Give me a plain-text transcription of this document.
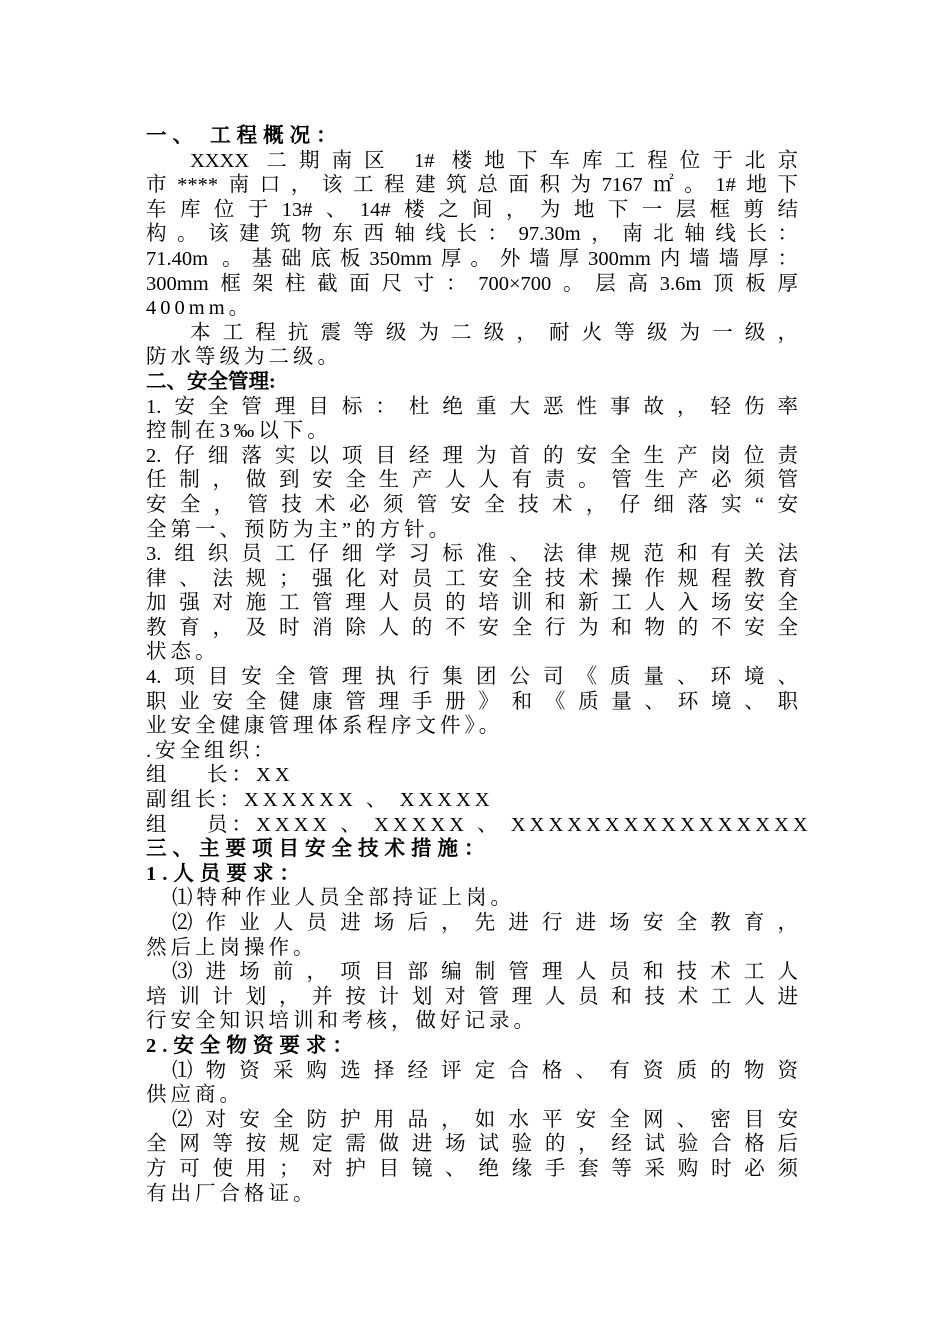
一、 工程概况：
XXXX 二期南区 1# 楼地下车库工程位于北京
市****南口，该工程建筑总面积为7167㎡。1#地下
车库位于13#、14#楼之间，为地下一层框剪结
构。该建筑物东西轴线长：97.30m，南北轴线长：
71.40m 。基础底板350mm厚。外墙厚300mm内墙墙厚：
300mm框架柱截面尺寸：700×700。层高3.6m顶板厚
400mm。
本工程抗震等级为二级，耐火等级为一级，
防水等级为二级。
二、安全管理:
1.安全管理目标：杜绝重大恶性事故，轻伤率
控制在3‰以下。
2.仔细落实以项目经理为首的安全生产岗位责
任制，做到安全生产人人有责。管生产必须管
安全，管技术必须管安全技术，仔细落实“安
全第一、预防为主”的方针。
3.组织员工仔细学习标准、法律规范和有关法
律、法规；强化对员工安全技术操作规程教育
加强对施工管理人员的培训和新工人入场安全
教育，及时消除人的不安全行为和物的不安全
状态。
4.项目安全管理执行集团公司《质量、环境、
职业安全健康管理手册》和《质量、环境、职
业安全健康管理体系程序文件》。
.安全组织：
组    长：XX
副组长：XXXXXX 、 XXXXX
组    员：XXXX 、 XXXXX 、 XXXXXXXXXXXXXXXX
三、主要项目安全技术措施：
1.人员要求：
⑴特种作业人员全部持证上岗。
⑵作业人员进场后，先进行进场安全教育，
然后上岗操作。
⑶进场前，项目部编制管理人员和技术工人
培训计划，并按计划对管理人员和技术工人进
行安全知识培训和考核，做好记录。
2.安全物资要求：
⑴物资采购选择经评定合格、有资质的物资
供应商。
⑵对安全防护用品，如水平安全网、密目安
全网等按规定需做进场试验的，经试验合格后
方可使用；对护目镜、绝缘手套等采购时必须
有出厂合格证。
